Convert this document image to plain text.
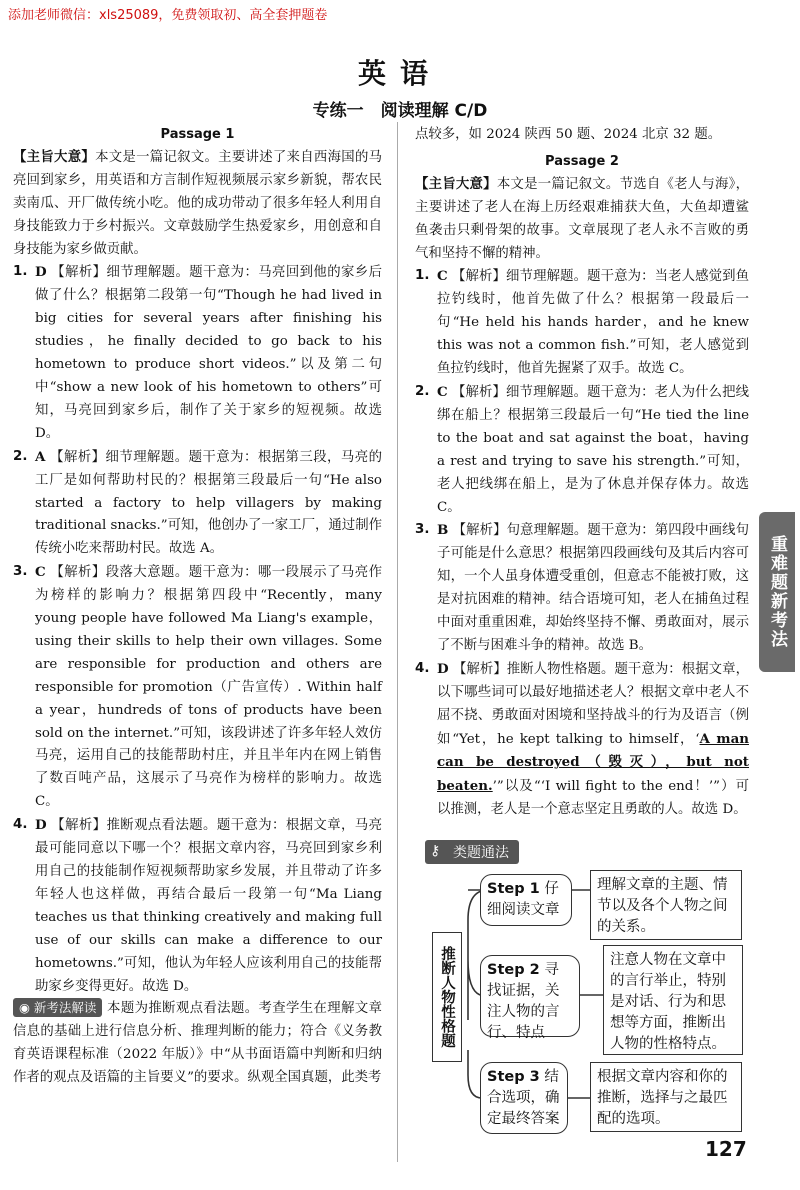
添加老师微信：xls25089，免费领取初、高全套押题卷
英语
专练一　阅读理解 C/D
Passage 1
【主旨大意】本文是一篇记叙文。主要讲述了来自西海国的马亮回到家乡，用英语和方言制作短视频展示家乡新貌，帮农民卖南瓜、开厂做传统小吃。他的成功带动了很多年轻人利用自身技能致力于乡村振兴。文章鼓励学生热爱家乡，用创意和自身技能为家乡做贡献。
1. D 【解析】细节理解题。题干意为：马亮回到他的家乡后做了什么？根据第二段第一句“Though he had lived in big cities for several years after finishing his studies，he finally decided to go back to his hometown to produce short videos.”以及第二句中“show a new look of his hometown to others”可知，马亮回到家乡后，制作了关于家乡的短视频。故选 D。
2. A 【解析】细节理解题。题干意为：根据第三段，马亮的工厂是如何帮助村民的？根据第三段最后一句“He also started a factory to help villagers by making traditional snacks.”可知，他创办了一家工厂，通过制作传统小吃来帮助村民。故选 A。
3. C 【解析】段落大意题。题干意为：哪一段展示了马亮作为榜样的影响力？根据第四段中“Recently，many young people have followed Ma Liang's example，using their skills to help their own villages. Some are responsible for production and others are responsible for promotion（广告宣传）. Within half a year，hundreds of tons of products have been sold on the internet.”可知，该段讲述了许多年轻人效仿马亮，运用自己的技能帮助村庄，并且半年内在网上销售了数百吨产品，这展示了马亮作为榜样的影响力。故选 C。
4. D 【解析】推断观点看法题。题干意为：根据文章，马亮最可能同意以下哪一个？根据文章内容，马亮回到家乡利用自己的技能制作短视频帮助家乡发展，并且带动了许多年轻人也这样做，再结合最后一段第一句“Ma Liang teaches us that thinking creatively and making full use of our skills can make a difference to our hometowns.”可知，他认为年轻人应该利用自己的技能帮助家乡变得更好。故选 D。
◉ 新考法解读 本题为推断观点看法题。考查学生在理解文章信息的基础上进行信息分析、推理判断的能力；符合《义务教育英语课程标准（2022 年版）》中“从书面语篇中判断和归纳作者的观点及语篇的主旨要义”的要求。纵观全国真题，此类考
点较多，如 2024 陕西 50 题、2024 北京 32 题。
Passage 2
【主旨大意】本文是一篇记叙文。节选自《老人与海》，主要讲述了老人在海上历经艰难捕获大鱼，大鱼却遭鲨鱼袭击只剩骨架的故事。文章展现了老人永不言败的勇气和坚持不懈的精神。
1. C 【解析】细节理解题。题干意为：当老人感觉到鱼拉钓线时，他首先做了什么？根据第一段最后一句“He held his hands harder，and he knew this was not a common fish.”可知，老人感觉到鱼拉钓线时，他首先握紧了双手。故选 C。
2. C 【解析】细节理解题。题干意为：老人为什么把线绑在船上？根据第三段最后一句“He tied the line to the boat and sat against the boat，having a rest and trying to save his strength.”可知，老人把线绑在船上，是为了休息并保存体力。故选 C。
3. B 【解析】句意理解题。题干意为：第四段中画线句子可能是什么意思？根据第四段画线句及其后内容可知，一个人虽身体遭受重创，但意志不能被打败，这是对抗困难的精神。结合语境可知，老人在捕鱼过程中面对重重困难，却始终坚持不懈、勇敢面对，展示了不断与困难斗争的精神。故选 B。
4. D 【解析】推断人物性格题。题干意为：根据文章，以下哪些词可以最好地描述老人？根据文章中老人不屈不挠、勇敢面对困境和坚持战斗的行为及语言（例如“Yet，he kept talking to himself，‘A man can be destroyed（毁灭），but not beaten.’”以及“‘I will fight to the end！’”）可以推测，老人是一个意志坚定且勇敢的人。故选 D。
类题通法
⚷
重难题新考法
推断人物性格题
Step 1 仔细阅读文章
理解文章的主题、情节以及各个人物之间的关系。
Step 2 寻找证据，关注人物的言行、特点
注意人物在文章中的言行举止，特别是对话、行为和思想等方面，推断出人物的性格特点。
Step 3 结合选项，确定最终答案
根据文章内容和你的推断，选择与之最匹配的选项。
127
